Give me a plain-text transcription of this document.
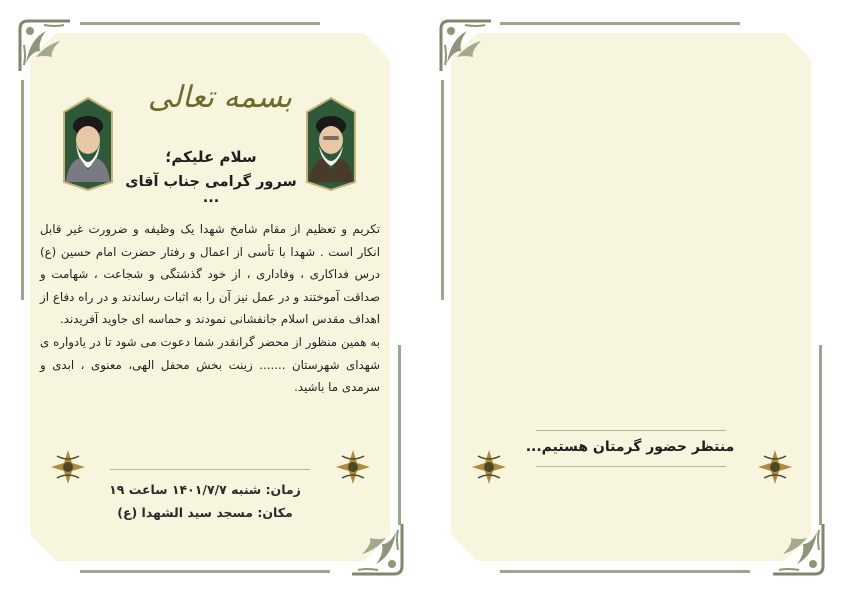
بسمه تعالی
سلام علیکم؛
سرور گرامی جناب آقای ...

تکریم و تعظیم از مقام شامخ شهدا یک وظیفه و ضرورت غیر قابل انکار است . شهدا با تأسی از اعمال و رفتار حضرت امام حسین (ع) درس فداکاری ، وفاداری ، از خود گذشتگی و شجاعت ، شهامت و صداقت آموختند و در عمل نیز آن را به اثبات رساندند و در راه دفاع از اهداف مقدس اسلام جانفشانی نمودند و حماسه ای جاوید آفریدند.

به همین منظور از محضر گرانقدر شما دعوت می شود تا در یادواره ی شهدای شهرستان ....... زینت بخش محفل الهی، معنوی ، ابدی و سرمدی ما باشید.

زمان: شنبه ۱۴۰۱/۷/۷ ساعت ۱۹
مکان: مسجد سید الشهدا (ع)
منتظر حضور گرمتان هستیم...
